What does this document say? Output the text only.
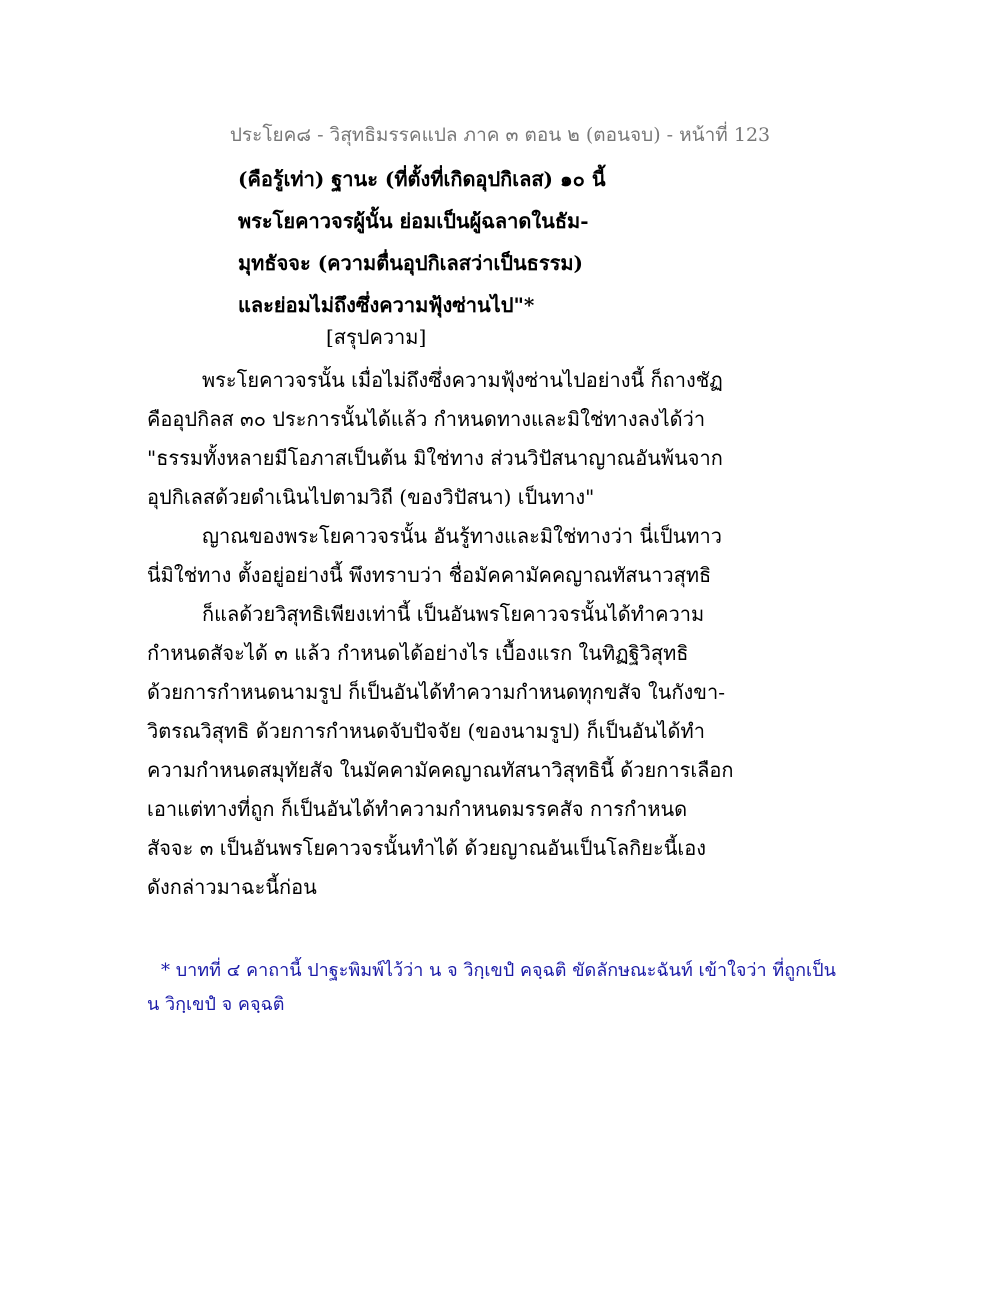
ประโยค๘ - วิสุทธิมรรคแปล ภาค ๓ ตอน ๒ (ตอนจบ) - หน้าที่ 123
(คือรู้เท่า) ฐานะ (ที่ตั้งที่เกิดอุปกิเลส) ๑๐ นี้
พระโยคาวจรผู้นั้น ย่อมเป็นผู้ฉลาดในธัม-
มุทธัจจะ (ความตื่นอุปกิเลสว่าเป็นธรรม)
และย่อมไม่ถึงซึ่งความฟุ้งซ่านไป"*
[สรุปความ]
พระโยคาวจรนั้น เมื่อไม่ถึงซึ่งความฟุ้งซ่านไปอย่างนี้ ก็ถางชัฏ
คืออุปกิลส ๓๐ ประการนั้นได้แล้ว กำหนดทางและมิใช่ทางลงได้ว่า
"ธรรมทั้งหลายมีโอภาสเป็นต้น มิใช่ทาง ส่วนวิปัสนาญาณอันพ้นจาก
อุปกิเลสด้วยดำเนินไปตามวิถี (ของวิปัสนา) เป็นทาง"
ญาณของพระโยคาวจรนั้น อันรู้ทางและมิใช่ทางว่า นี่เป็นทาว
นี่มิใช่ทาง ตั้งอยู่อย่างนี้ พึงทราบว่า ชื่อมัคคามัคคญาณทัสนาวสุทธิ
ก็แลด้วยวิสุทธิเพียงเท่านี้ เป็นอันพรโยคาวจรนั้นได้ทำความ
กำหนดสัจะได้ ๓ แล้ว กำหนดได้อย่างไร เบื้องแรก ในทิฏฐิวิสุทธิ
ด้วยการกำหนดนามรูป ก็เป็นอันได้ทำความกำหนดทุกขสัจ ในกังขา-
วิตรณวิสุทธิ ด้วยการกำหนดจับปัจจัย (ของนามรูป) ก็เป็นอันได้ทำ
ความกำหนดสมุทัยสัจ ในมัคคามัคคญาณทัสนาวิสุทธินี้ ด้วยการเลือก
เอาแต่ทางที่ถูก ก็เป็นอันได้ทำความกำหนดมรรคสัจ การกำหนด
สัจจะ ๓ เป็นอันพรโยคาวจรนั้นทำได้ ด้วยญาณอันเป็นโลกิยะนี้เอง
ดังกล่าวมาฉะนี้ก่อน
* บาทที่ ๔ คาถานี้ ปาฐะพิมพ์ไว้ว่า น จ วิกฺเขปํ คจฺฉติ ขัดลักษณะฉันท์ เข้าใจว่า ที่ถูกเป็น
น วิกฺเขปํ จ คจฺฉติ
